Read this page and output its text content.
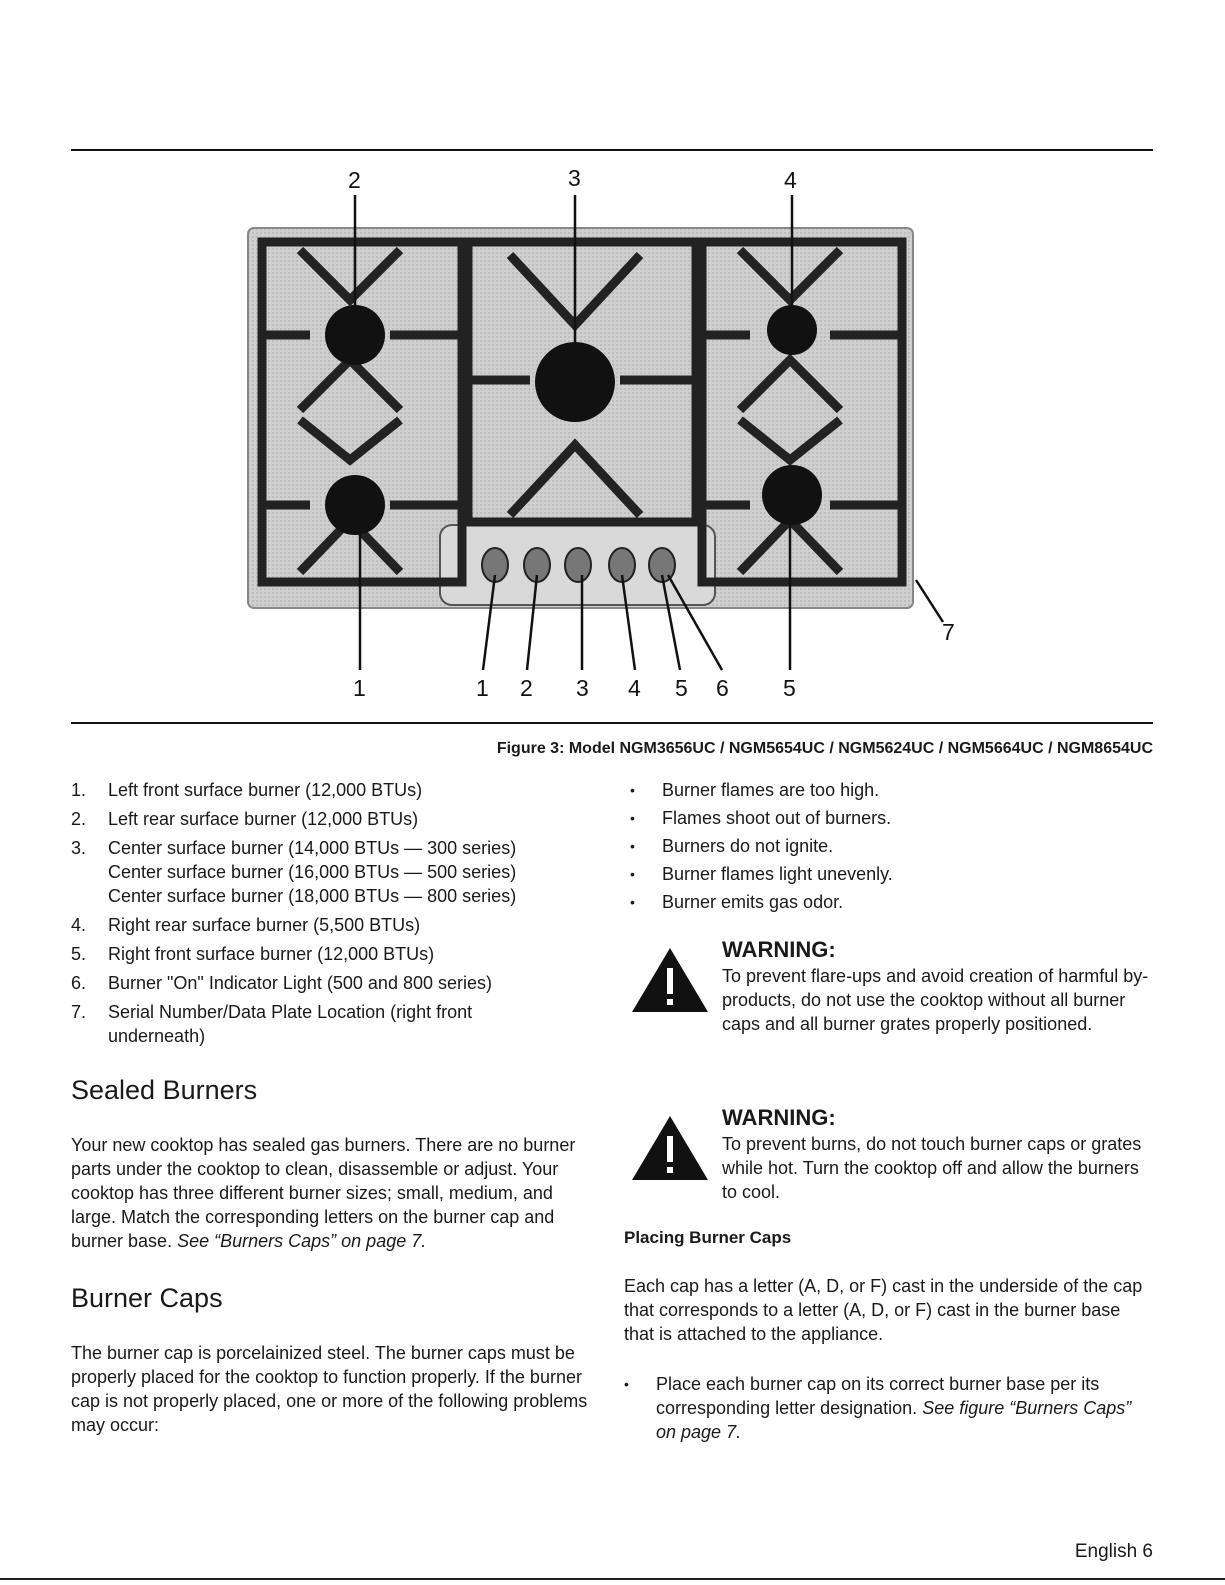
2	3	4
1	1 2 3 4 5 6 5
7
Figure 3: Model NGM3656UC / NGM5654UC / NGM5624UC / NGM5664UC / NGM8654UC
1. Left front surface burner (12,000 BTUs)
2. Left rear surface burner (12,000 BTUs)
3. Center surface burner (14,000 BTUs — 300 series)
Center surface burner (16,000 BTUs — 500 series)
Center surface burner (18,000 BTUs — 800 series)
4. Right rear surface burner (5,500 BTUs)
5. Right front surface burner (12,000 BTUs)
6. Burner "On" Indicator Light (500 and 800 series)
7. Serial Number/Data Plate Location (right front
underneath)
Sealed Burners

Your new cooktop has sealed gas burners. There are no burner parts under the cooktop to clean, disassemble or adjust. Your cooktop has three different burner sizes; small, medium, and large. Match the corresponding letters on the burner cap and burner base. See “Burners Caps” on page 7.

Burner Caps

The burner cap is porcelainized steel. The burner caps must be properly placed for the cooktop to function properly. If the burner cap is not properly placed, one or more of the following problems may occur:

• Burner flames are too high.
• Flames shoot out of burners.
• Burners do not ignite.
• Burner flames light unevenly.
• Burner emits gas odor.
WARNING:
To prevent flare-ups and avoid creation of harmful by-products, do not use the cooktop without all burner caps and all burner grates properly positioned.
WARNING:
To prevent burns, do not touch burner caps or grates while hot. Turn the cooktop off and allow the burners to cool.
Placing Burner Caps

Each cap has a letter (A, D, or F) cast in the underside of the cap that corresponds to a letter (A, D, or F) cast in the burner base that is attached to the appliance.

• Place each burner cap on its correct burner base per its corresponding letter designation. See figure “Burners Caps” on page 7.
English 6
